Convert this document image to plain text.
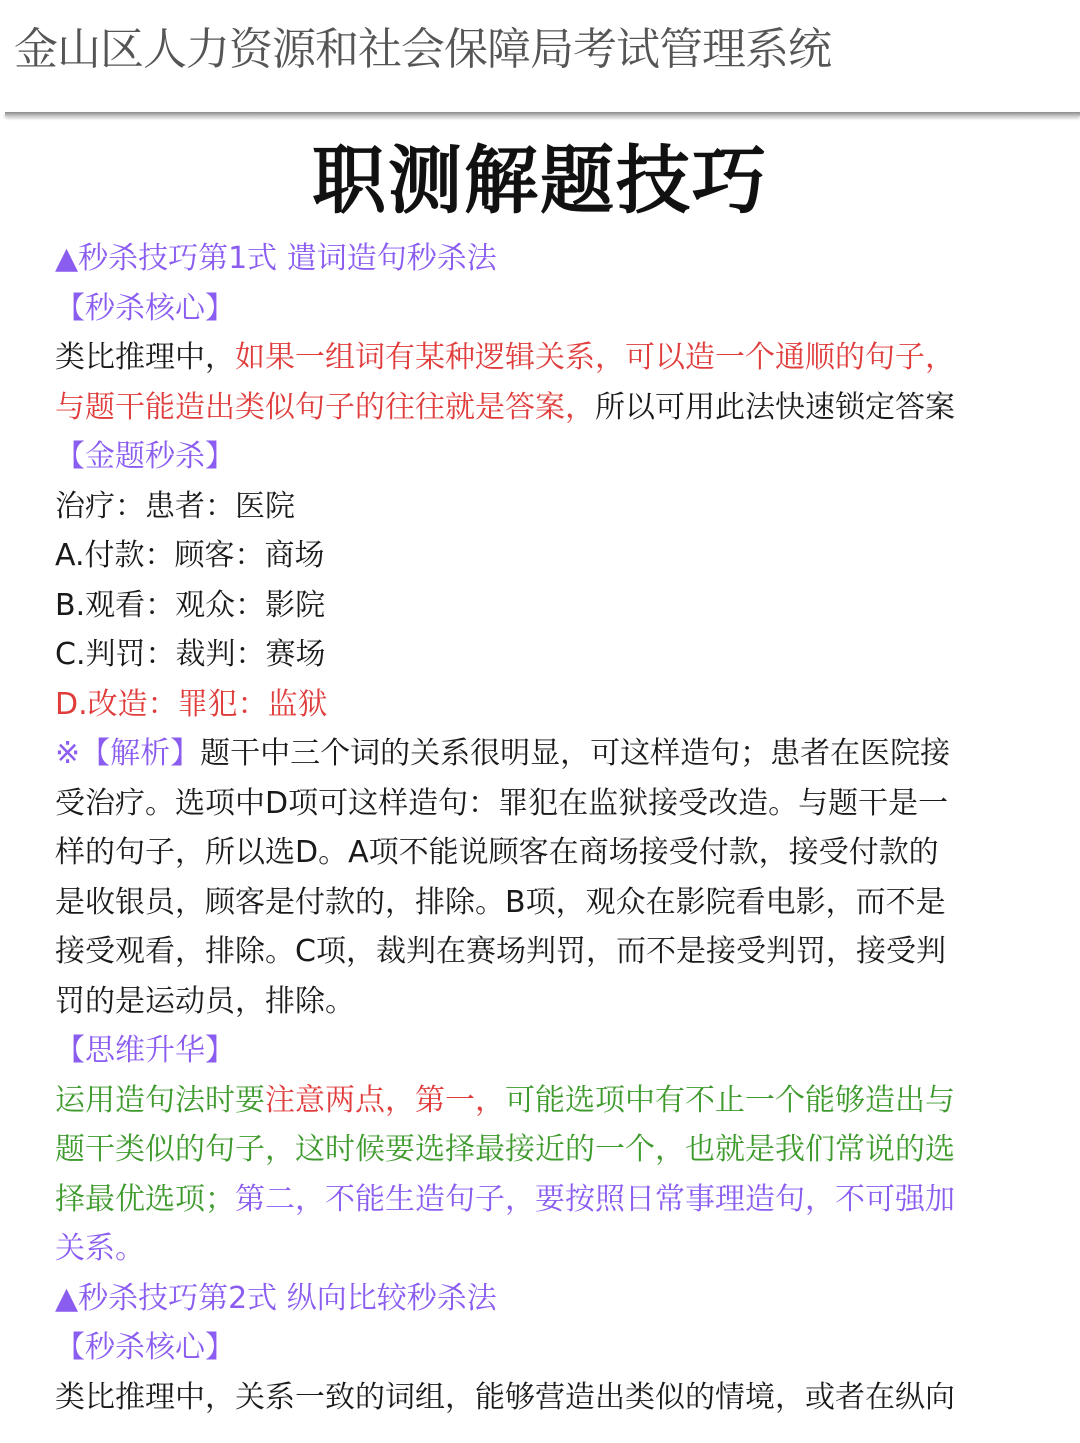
金山区人力资源和社会保障局考试管理系统
职测解题技巧

▲秒杀技巧第1式 遣词造句秒杀法

【秒杀核心】

类比推理中，如果一组词有某种逻辑关系，可以造一个通顺的句子，

与题干能造出类似句子的往往就是答案，所以可用此法快速锁定答案

【金题秒杀】

治疗：患者：医院

A.付款：顾客：商场

B.观看：观众：影院

C.判罚：裁判：赛场

D.改造：罪犯：监狱

※【解析】题干中三个词的关系很明显，可这样造句；患者在医院接

受治疗。选项中D项可这样造句：罪犯在监狱接受改造。与题干是一

样的句子，所以选D。A项不能说顾客在商场接受付款，接受付款的

是收银员，顾客是付款的，排除。B项，观众在影院看电影，而不是

接受观看，排除。C项，裁判在赛场判罚，而不是接受判罚，接受判

罚的是运动员，排除。

【思维升华】

运用造句法时要注意两点，第一，可能选项中有不止一个能够造出与

题干类似的句子，这时候要选择最接近的一个，也就是我们常说的选

择最优选项；第二，不能生造句子，要按照日常事理造句，不可强加

关系。

▲秒杀技巧第2式 纵向比较秒杀法

【秒杀核心】

类比推理中，关系一致的词组，能够营造出类似的情境，或者在纵向
